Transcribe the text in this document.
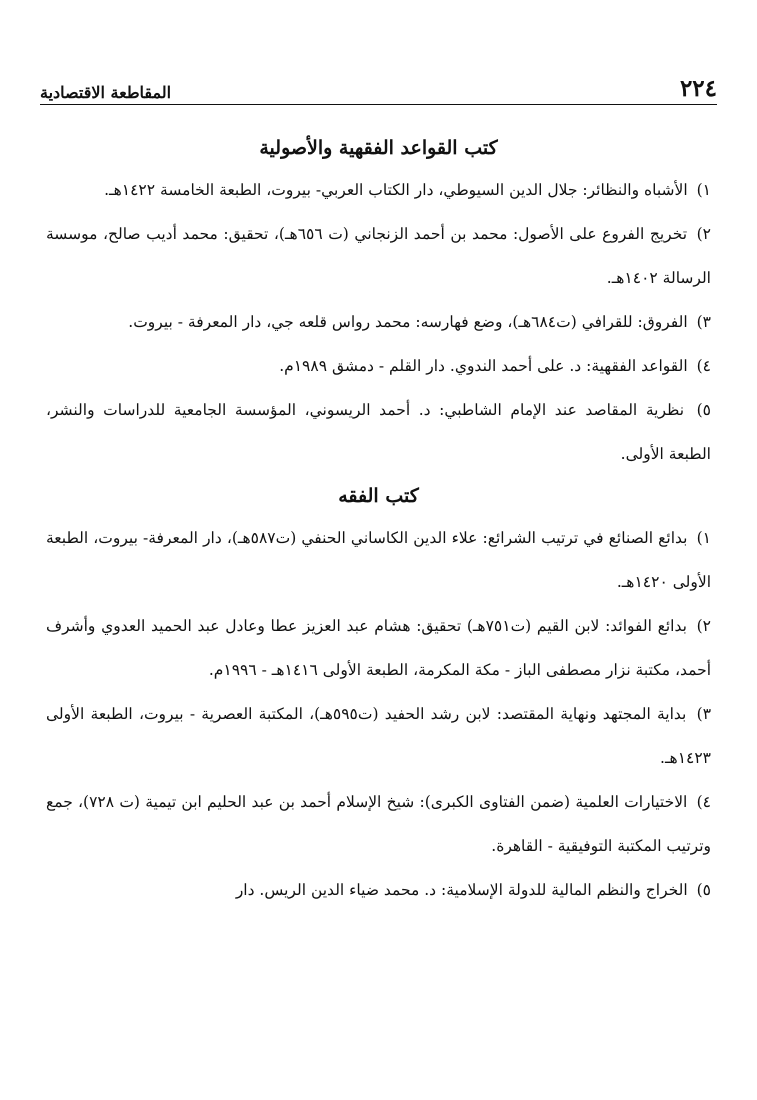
٢٢٤
المقاطعة الاقتصادية
كتب القواعد الفقهية والأصولية
١) الأشباه والنظائر: جلال الدين السيوطي، دار الكتاب العربي- بيروت، الطبعة الخامسة ١٤٢٢هـ.
٢) تخريج الفروع على الأصول: محمد بن أحمد الزنجاني (ت ٦٥٦هـ)، تحقيق: محمد أديب صالح، موسسة الرسالة ١٤٠٢هـ.
٣) الفروق: للقرافي (ت٦٨٤هـ)، وضع فهارسه: محمد رواس قلعه جي، دار المعرفة - بيروت.
٤) القواعد الفقهية: د. على أحمد الندوي. دار القلم - دمشق ١٩٨٩م.
٥) نظرية المقاصد عند الإمام الشاطبي: د. أحمد الريسوني، المؤسسة الجامعية للدراسات والنشر، الطبعة الأولى.
كتب الفقه
١) بدائع الصنائع في ترتيب الشرائع: علاء الدين الكاساني الحنفي (ت٥٨٧هـ)، دار المعرفة- بيروت، الطبعة الأولى ١٤٢٠هـ.
٢) بدائع الفوائد: لابن القيم (ت٧٥١هـ) تحقيق: هشام عبد العزيز عطا وعادل عبد الحميد العدوي وأشرف أحمد، مكتبة نزار مصطفى الباز - مكة المكرمة، الطبعة الأولى ١٤١٦هـ - ١٩٩٦م.
٣) بداية المجتهد ونهاية المقتصد: لابن رشد الحفيد (ت٥٩٥هـ)، المكتبة العصرية - بيروت، الطبعة الأولى ١٤٢٣هـ.
٤) الاختيارات العلمية (ضمن الفتاوى الكبرى): شيخ الإسلام أحمد بن عبد الحليم ابن تيمية (ت ٧٢٨)، جمع وترتيب المكتبة التوفيقية - القاهرة.
٥) الخراج والنظم المالية للدولة الإسلامية: د. محمد ضياء الدين الريس. دار
